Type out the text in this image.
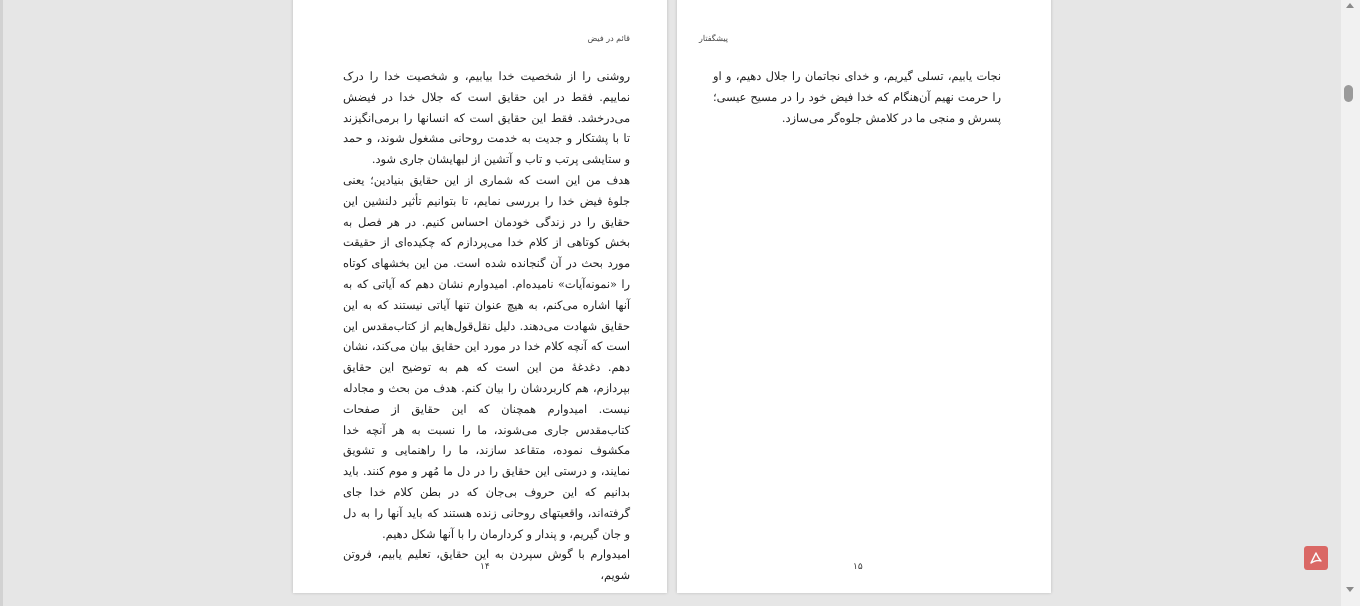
قائم در فیض

روشنی را از شخصیت خدا بیابیم، و شخصیت خدا را درک نماییم. فقط در این حقایق است که جلال خدا در فیضش می‌درخشد. فقط این حقایق است که انسانها را برمی‌انگیزند تا با پشتکار و جدیت به خدمت روحانی مشغول شوند، و حمد و ستایشی پرتب و تاب و آتشین از لبهایشان جاری شود.

هدف من این است که شماری از این حقایق بنیادین؛ یعنی جلوهٔ فیض خدا را بررسی نمایم، تا بتوانیم تأثیر دلنشین این حقایق را در زندگی خودمان احساس کنیم. در هر فصل به بخش کوتاهی از کلام خدا می‌پردازم که چکیده‌ای از حقیقت مورد بحث در آن گنجانده شده است. من این بخشهای کوتاه را «نمونه‌آیات» نامیده‌ام. امیدوارم نشان دهم که آیاتی که به آنها اشاره می‌کنم، به هیچ عنوان تنها آیاتی نیستند که به این حقایق شهادت می‌دهند. دلیل نقل‌قول‌هایم از کتاب‌مقدس این است که آنچه کلام خدا در مورد این حقایق بیان می‌کند، نشان دهم. دغدغهٔ من این است که هم به توضیح این حقایق بپردازم، هم کاربردشان را بیان کنم. هدف من بحث و مجادله نیست. امیدوارم همچنان که این حقایق از صفحات کتاب‌مقدس جاری می‌شوند، ما را نسبت به هر آنچه خدا مکشوف نموده، متقاعد سازند، ما را راهنمایی و تشویق نمایند، و درستی این حقایق را در دل ما مُهر و موم کنند. باید بدانیم که این حروف بی‌جان که در بطن کلام خدا جای گرفته‌اند، واقعیتهای روحانی زنده هستند که باید آنها را به دل و جان گیریم، و پندار و کردارمان را با آنها شکل دهیم.

امیدوارم با گوش سپردن به این حقایق، تعلیم یابیم، فروتن شویم،

۱۴
پیشگفتار

نجات یابیم، تسلی گیریم، و خدای نجاتمان را جلال دهیم، و او را حرمت نهیم آن‌هنگام که خدا فیض خود را در مسیح عیسی؛ پسرش و منجی ما در کلامش جلوه‌گر می‌سازد.

۱۵
